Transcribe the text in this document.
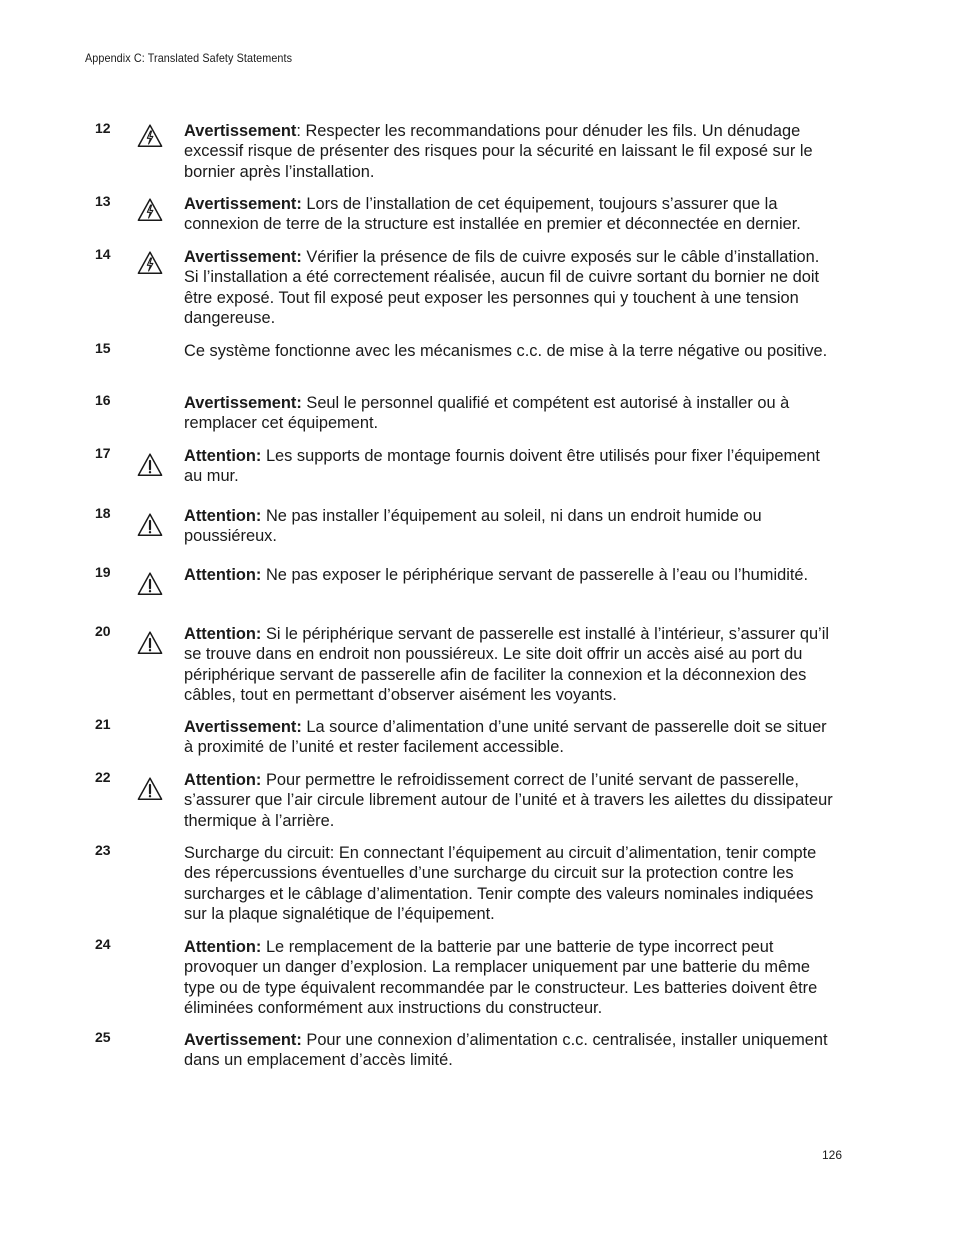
Appendix C: Translated Safety Statements
12	Avertissement: Respecter les recommandations pour dénuder les fils. Un dénudage excessif risque de présenter des risques pour la sécurité en laissant le fil exposé sur le bornier après l’installation.
13	Avertissement: Lors de l’installation de cet équipement, toujours s’assurer que la connexion de terre de la structure est installée en premier et déconnectée en dernier.
14	Avertissement: Vérifier la présence de fils de cuivre exposés sur le câble d’installation. Si l’installation a été correctement réalisée, aucun fil de cuivre sortant du bornier ne doit être exposé. Tout fil exposé peut exposer les personnes qui y touchent à une tension dangereuse.
15	Ce système fonctionne avec les mécanismes c.c. de mise à la terre négative ou positive.
16	Avertissement: Seul le personnel qualifié et compétent est autorisé à installer ou à remplacer cet équipement.
17	Attention: Les supports de montage fournis doivent être utilisés pour fixer l’équipement au mur.
18	Attention: Ne pas installer l’équipement au soleil, ni dans un endroit humide ou poussiéreux.
19	Attention: Ne pas exposer le périphérique servant de passerelle à l’eau ou l’humidité.
20	Attention: Si le périphérique servant de passerelle est installé à l’intérieur, s’assurer qu’il se trouve dans en endroit non poussiéreux. Le site doit offrir un accès aisé au port du périphérique servant de passerelle afin de faciliter la connexion et la déconnexion des câbles, tout en permettant d’observer aisément les voyants.
21	Avertissement: La source d’alimentation d’une unité servant de passerelle doit se situer à proximité de l’unité et rester facilement accessible.
22	Attention: Pour permettre le refroidissement correct de l’unité servant de passerelle, s’assurer que l’air circule librement autour de l’unité et à travers les ailettes du dissipateur thermique à l’arrière.
23	Surcharge du circuit: En connectant l’équipement au circuit d’alimentation, tenir compte des répercussions éventuelles d’une surcharge du circuit sur la protection contre les surcharges et le câblage d’alimentation. Tenir compte des valeurs nominales indiquées sur la plaque signalétique de l’équipement.
24	Attention: Le remplacement de la batterie par une batterie de type incorrect peut provoquer un danger d’explosion. La remplacer uniquement par une batterie du même type ou de type équivalent recommandée par le constructeur. Les batteries doivent être éliminées conformément aux instructions du constructeur.
25	Avertissement: Pour une connexion d’alimentation c.c. centralisée, installer uniquement dans un emplacement d’accès limité.
126
